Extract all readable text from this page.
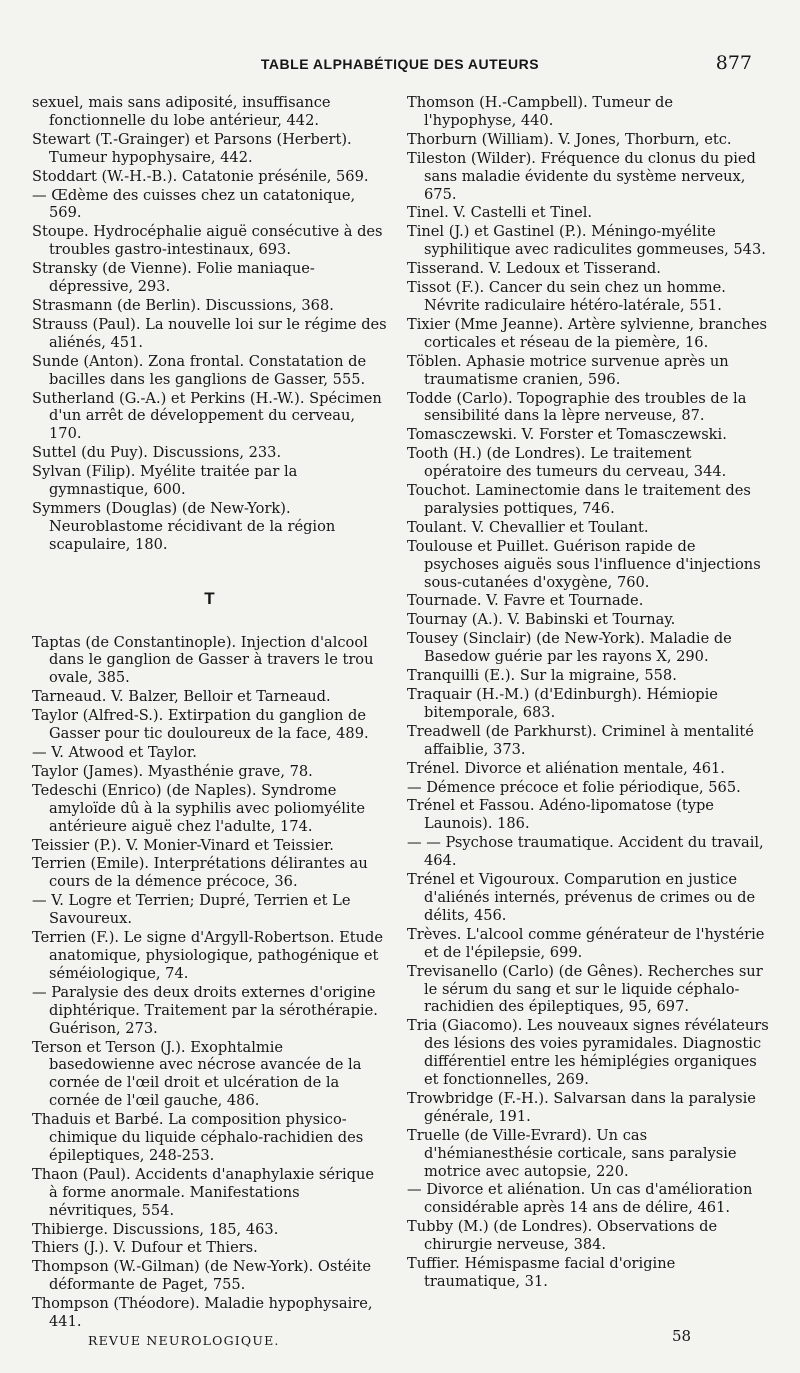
TABLE ALPHABÉTIQUE DES AUTEURS	877

sexuel, mais sans adiposité, insuffisance fonctionnelle du lobe antérieur, 442.

Stewart (T.-Grainger) et Parsons (Herbert). Tumeur hypophysaire, 442.

Stoddart (W.-H.-B.). Catatonie présénile, 569.

— Œdème des cuisses chez un catatonique, 569.

Stoupe. Hydrocéphalie aiguë consécutive à des troubles gastro-intestinaux, 693.

Stransky (de Vienne). Folie maniaque-dépressive, 293.

Strasmann (de Berlin). Discussions, 368.

Strauss (Paul). La nouvelle loi sur le régime des aliénés, 451.

Sunde (Anton). Zona frontal. Constatation de bacilles dans les ganglions de Gasser, 555.

Sutherland (G.-A.) et Perkins (H.-W.). Spécimen d'un arrêt de développement du cerveau, 170.

Suttel (du Puy). Discussions, 233.

Sylvan (Filip). Myélite traitée par la gymnastique, 600.

Symmers (Douglas) (de New-York). Neuroblastome récidivant de la région scapulaire, 180.

T

Taptas (de Constantinople). Injection d'alcool dans le ganglion de Gasser à travers le trou ovale, 385.

Tarneaud. V. Balzer, Belloir et Tarneaud.

Taylor (Alfred-S.). Extirpation du ganglion de Gasser pour tic douloureux de la face, 489.

— V. Atwood et Taylor.

Taylor (James). Myasthénie grave, 78.

Tedeschi (Enrico) (de Naples). Syndrome amyloïde dû à la syphilis avec poliomyélite antérieure aiguë chez l'adulte, 174.

Teissier (P.). V. Monier-Vinard et Teissier.

Terrien (Emile). Interprétations délirantes au cours de la démence précoce, 36.

— V. Logre et Terrien; Dupré, Terrien et Le Savoureux.

Terrien (F.). Le signe d'Argyll-Robertson. Etude anatomique, physiologique, pathogénique et séméiologique, 74.

— Paralysie des deux droits externes d'origine diphtérique. Traitement par la sérothérapie. Guérison, 273.

Terson et Terson (J.). Exophtalmie basedowienne avec nécrose avancée de la cornée de l'œil droit et ulcération de la cornée de l'œil gauche, 486.

Thaduis et Barbé. La composition physico-chimique du liquide céphalo-rachidien des épileptiques, 248-253.

Thaon (Paul). Accidents d'anaphylaxie sérique à forme anormale. Manifestations névritiques, 554.

Thibierge. Discussions, 185, 463.

Thiers (J.). V. Dufour et Thiers.

Thompson (W.-Gilman) (de New-York). Ostéite déformante de Paget, 755.

Thompson (Théodore). Maladie hypophysaire, 441.

Thomson (H.-Campbell). Tumeur de l'hypophyse, 440.

Thorburn (William). V. Jones, Thorburn, etc.

Tileston (Wilder). Fréquence du clonus du pied sans maladie évidente du système nerveux, 675.

Tinel. V. Castelli et Tinel.

Tinel (J.) et Gastinel (P.). Méningo-myélite syphilitique avec radiculites gommeuses, 543.

Tisserand. V. Ledoux et Tisserand.

Tissot (F.). Cancer du sein chez un homme. Névrite radiculaire hétéro-latérale, 551.

Tixier (Mme Jeanne). Artère sylvienne, branches corticales et réseau de la piemère, 16.

Töblen. Aphasie motrice survenue après un traumatisme cranien, 596.

Todde (Carlo). Topographie des troubles de la sensibilité dans la lèpre nerveuse, 87.

Tomasczewski. V. Forster et Tomasczewski.

Tooth (H.) (de Londres). Le traitement opératoire des tumeurs du cerveau, 344.

Touchot. Laminectomie dans le traitement des paralysies pottiques, 746.

Toulant. V. Chevallier et Toulant.

Toulouse et Puillet. Guérison rapide de psychoses aiguës sous l'influence d'injections sous-cutanées d'oxygène, 760.

Tournade. V. Favre et Tournade.

Tournay (A.). V. Babinski et Tournay.

Tousey (Sinclair) (de New-York). Maladie de Basedow guérie par les rayons X, 290.

Tranquilli (E.). Sur la migraine, 558.

Traquair (H.-M.) (d'Edinburgh). Hémiopie bitemporale, 683.

Treadwell (de Parkhurst). Criminel à mentalité affaiblie, 373.

Trénel. Divorce et aliénation mentale, 461.

— Démence précoce et folie périodique, 565.

Trénel et Fassou. Adéno-lipomatose (type Launois). 186.

— — Psychose traumatique. Accident du travail, 464.

Trénel et Vigouroux. Comparution en justice d'aliénés internés, prévenus de crimes ou de délits, 456.

Trèves. L'alcool comme générateur de l'hystérie et de l'épilepsie, 699.

Trevisanello (Carlo) (de Gênes). Recherches sur le sérum du sang et sur le liquide céphalo-rachidien des épileptiques, 95, 697.

Tria (Giacomo). Les nouveaux signes révélateurs des lésions des voies pyramidales. Diagnostic différentiel entre les hémiplégies organiques et fonctionnelles, 269.

Trowbridge (F.-H.). Salvarsan dans la paralysie générale, 191.

Truelle (de Ville-Evrard). Un cas d'hémianesthésie corticale, sans paralysie motrice avec autopsie, 220.

— Divorce et aliénation. Un cas d'amélioration considérable après 14 ans de délire, 461.

Tubby (M.) (de Londres). Observations de chirurgie nerveuse, 384.

Tuffier. Hémispasme facial d'origine traumatique, 31.

REVUE NEUROLOGIQUE.	58
